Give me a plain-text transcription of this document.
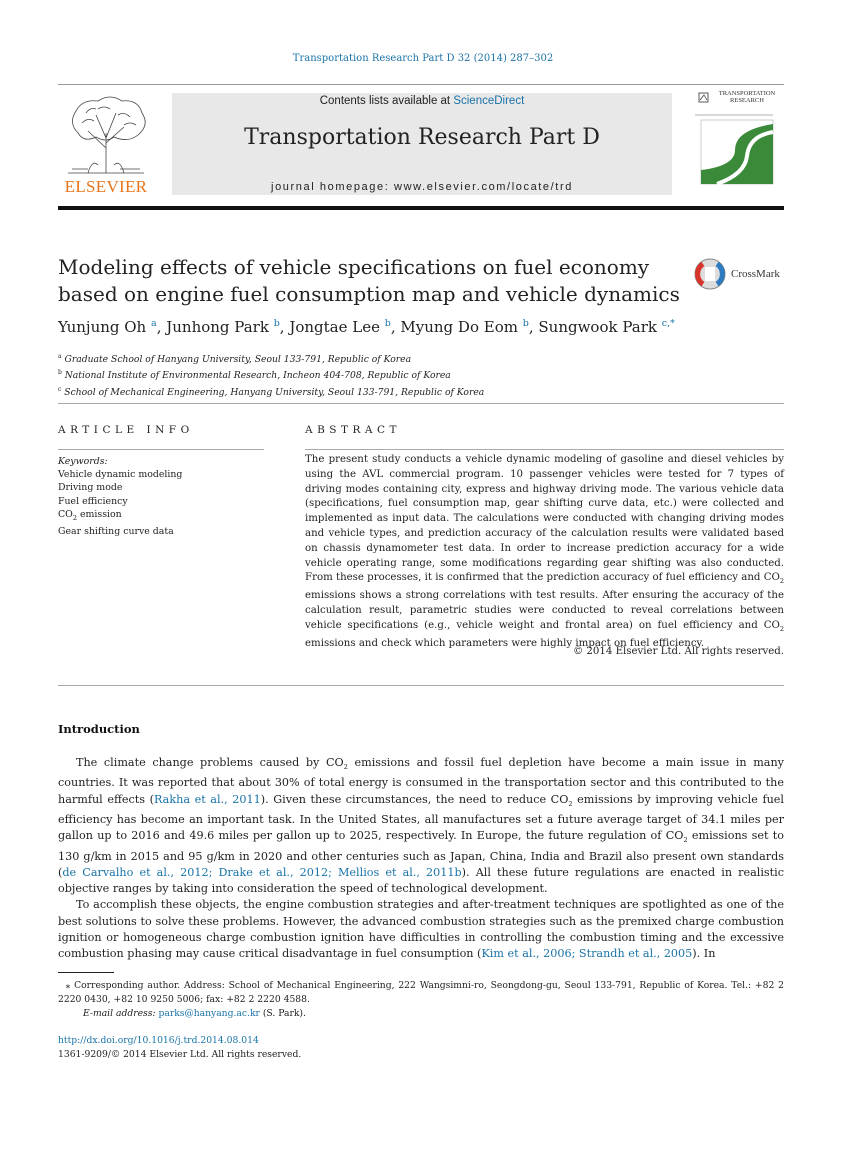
Transportation Research Part D 32 (2014) 287–302
ELSEVIER
Contents lists available at ScienceDirect
Transportation Research Part D
journal homepage: www.elsevier.com/locate/trd
TRANSPORTATION
RESEARCH
Modeling effects of vehicle specifications on fuel economy
based on engine fuel consumption map and vehicle dynamics
CrossMark
Yunjung Oh $^a$, Junhong Park $^b$, Jongtae Lee $^b$, Myung Do Eom $^b$, Sungwook Park $^{c,*}$
$^a$ Graduate School of Hanyang University, Seoul 133-791, Republic of Korea
$^b$ National Institute of Environmental Research, Incheon 404-708, Republic of Korea
$^c$ School of Mechanical Engineering, Hanyang University, Seoul 133-791, Republic of Korea
ARTICLE INFO	ABSTRACT
Keywords:
Vehicle dynamic modeling
Driving mode
Fuel efficiency
$CO_2$ emission
Gear shifting curve data
The present study conducts a vehicle dynamic modeling of gasoline and diesel vehicles by using the AVL commercial program. 10 passenger vehicles were tested for 7 types of driving modes containing city, express and highway driving mode. The various vehicle data (specifications, fuel consumption map, gear shifting curve data, etc.) were collected and implemented as input data. The calculations were conducted with changing driving modes and vehicle types, and prediction accuracy of the calculation results were validated based on chassis dynamometer test data. In order to increase prediction accuracy for a wide vehicle operating range, some modifications regarding gear shifting was also conducted. From these processes, it is confirmed that the prediction accuracy of fuel efficiency and $CO_2$ emissions shows a strong correlations with test results. After ensuring the accuracy of the calculation result, parametric studies were conducted to reveal correlations between vehicle specifications (e.g., vehicle weight and frontal area) on fuel efficiency and $CO_2$ emissions and check which parameters were highly impact on fuel efficiency.
© 2014 Elsevier Ltd. All rights reserved.
Introduction

The climate change problems caused by $CO_2$ emissions and fossil fuel depletion have become a main issue in many countries. It was reported that about 30% of total energy is consumed in the transportation sector and this contributed to the harmful effects (Rakha et al., 2011). Given these circumstances, the need to reduce $CO_2$ emissions by improving vehicle fuel efficiency has become an important task. In the United States, all manufactures set a future average target of 34.1 miles per gallon up to 2016 and 49.6 miles per gallon up to 2025, respectively. In Europe, the future regulation of $CO_2$ emissions set to 130 g/km in 2015 and 95 g/km in 2020 and other centuries such as Japan, China, India and Brazil also present own standards (de Carvalho et al., 2012; Drake et al., 2012; Mellios et al., 2011b). All these future regulations are enacted in realistic objective ranges by taking into consideration the speed of technological development.

To accomplish these objects, the engine combustion strategies and after-treatment techniques are spotlighted as one of the best solutions to solve these problems. However, the advanced combustion strategies such as the premixed charge combustion ignition or homogeneous charge combustion ignition have difficulties in controlling the combustion timing and the excessive combustion phasing may cause critical disadvantage in fuel consumption (Kim et al., 2006; Strandh et al., 2005). In

⁎ Corresponding author. Address: School of Mechanical Engineering, 222 Wangsimni-ro, Seongdong-gu, Seoul 133-791, Republic of Korea. Tel.: +82 2 2220 0430, +82 10 9250 5006; fax: +82 2 2220 4588.
E-mail address: parks@hanyang.ac.kr (S. Park).
http://dx.doi.org/10.1016/j.trd.2014.08.014
1361-9209/© 2014 Elsevier Ltd. All rights reserved.
